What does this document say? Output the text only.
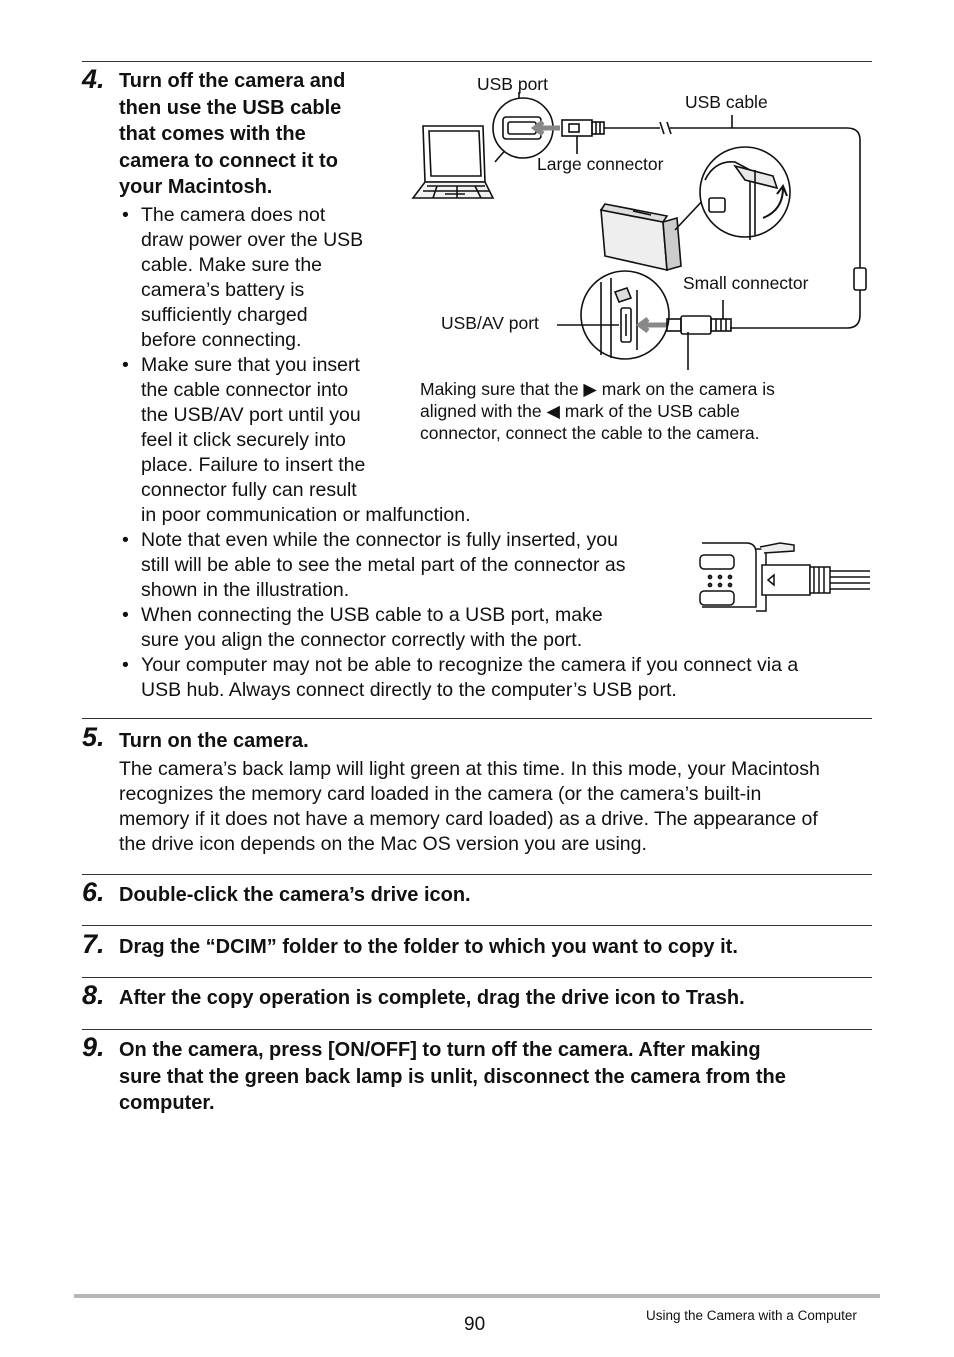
4. Turn off the camera and
then use the USB cable
that comes with the
camera to connect it to
your Macintosh.
• The camera does not
draw power over the USB
cable. Make sure the
camera’s battery is
sufficiently charged
before connecting.
• Make sure that you insert
the cable connector into
the USB/AV port until you
feel it click securely into
place. Failure to insert the
connector fully can result
in poor communication or malfunction.
• Note that even while the connector is fully inserted, you
still will be able to see the metal part of the connector as
shown in the illustration.
• When connecting the USB cable to a USB port, make
sure you align the connector correctly with the port.
• Your computer may not be able to recognize the camera if you connect via a
USB hub. Always connect directly to the computer’s USB port.
USB port
USB cable
Large connector
Small connector
USB/AV port
Making sure that the ▶ mark on the camera is
aligned with the ◀ mark of the USB cable
connector, connect the cable to the camera.
5. Turn on the camera.
The camera’s back lamp will light green at this time. In this mode, your Macintosh
recognizes the memory card loaded in the camera (or the camera’s built-in
memory if it does not have a memory card loaded) as a drive. The appearance of
the drive icon depends on the Mac OS version you are using.
6. Double-click the camera’s drive icon.
7. Drag the “DCIM” folder to the folder to which you want to copy it.
8. After the copy operation is complete, drag the drive icon to Trash.
9. On the camera, press [ON/OFF] to turn off the camera. After making
sure that the green back lamp is unlit, disconnect the camera from the
computer.
90	Using the Camera with a Computer
